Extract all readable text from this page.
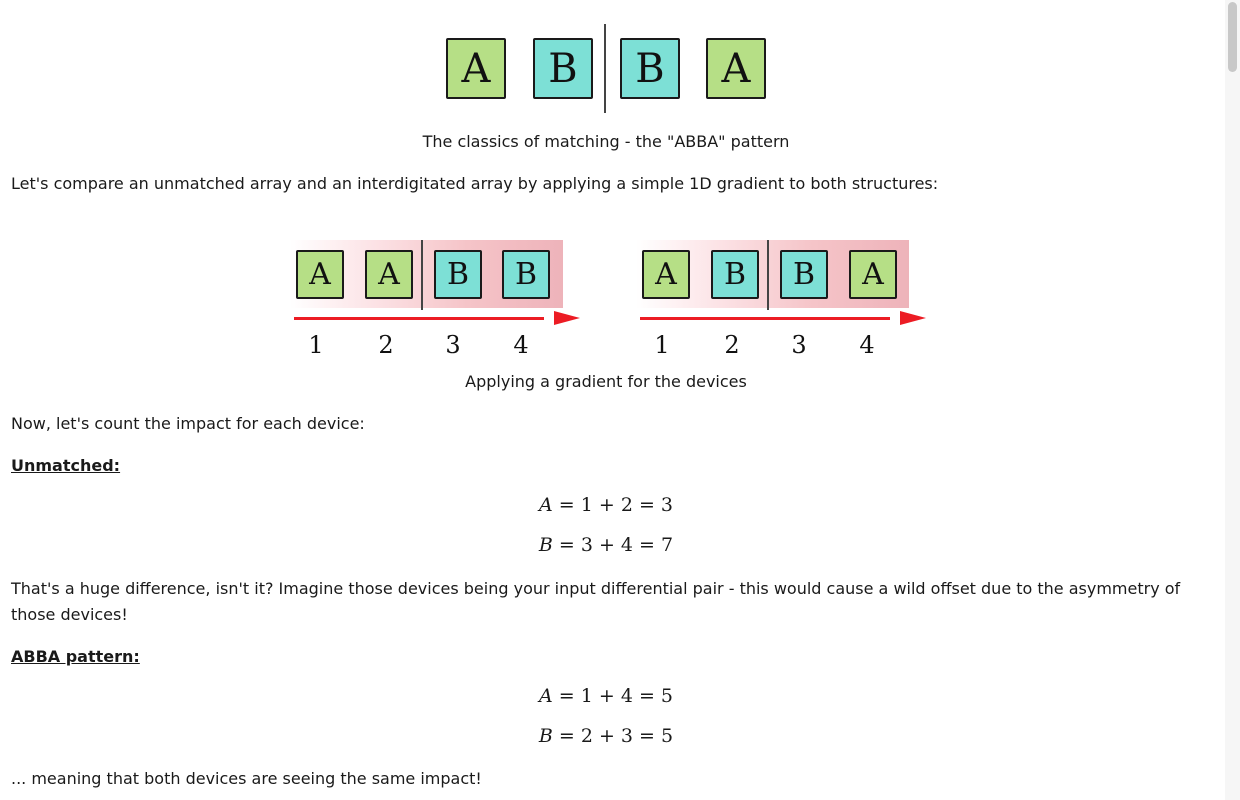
A	B	B	A
The classics of matching - the "ABBA" pattern
Let's compare an unmatched array and an interdigitated array by applying a simple 1D gradient to both structures:
A	A	B	B
1	2	3	4
A	B	B	A
1	2	3	4
Applying a gradient for the devices
Now, let's count the impact for each device:
Unmatched:
A = 1 + 2 = 3
B = 3 + 4 = 7
That's a huge difference, isn't it? Imagine those devices being your input differential pair - this would cause a wild offset due to the asymmetry of those devices!
ABBA pattern:
A = 1 + 4 = 5
B = 2 + 3 = 5
... meaning that both devices are seeing the same impact!
